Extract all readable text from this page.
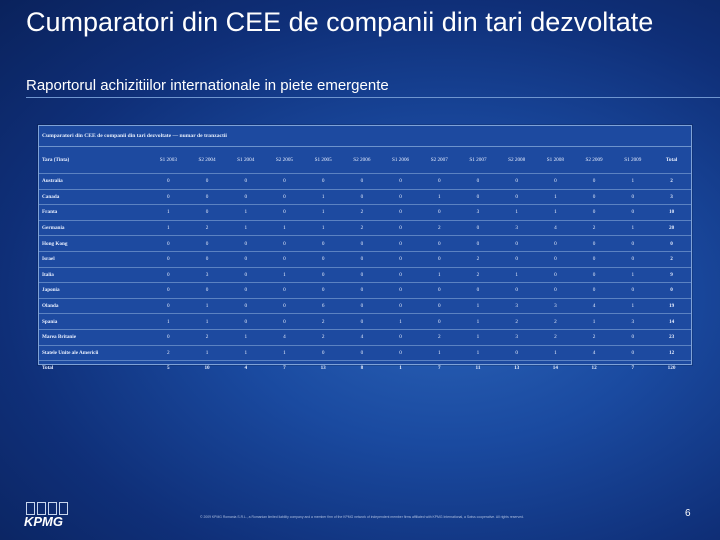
Cumparatori din CEE de companii din tari dezvoltate
Raportorul achizitiilor internationale in piete emergente
Cumparatori din CEE de companii din tari dezvoltate — numar de tranzactii
Tara (Tinta)	S1 2003	S2 2004	S1 2004	S2 2005	S1 2005	S2 2006	S1 2006	S2 2007	S1 2007	S2 2008	S1 2008	S2 2009	S1 2009	Total
Australia	0	0	0	0	0	0	0	0	0	0	0	0	1	2
Canada	0	0	0	0	1	0	0	1	0	0	1	0	0	3
Franta	1	0	1	0	1	2	0	0	3	1	1	0	0	10
Germania	1	2	1	1	1	2	0	2	0	3	4	2	1	20
Hong Kong	0	0	0	0	0	0	0	0	0	0	0	0	0	0
Israel	0	0	0	0	0	0	0	0	2	0	0	0	0	2
Italia	0	3	0	1	0	0	0	1	2	1	0	0	1	9
Japonia	0	0	0	0	0	0	0	0	0	0	0	0	0	0
Olanda	0	1	0	0	6	0	0	0	1	3	3	4	1	19
Spania	1	1	0	0	2	0	1	0	1	2	2	1	3	14
Marea Britanie	0	2	1	4	2	4	0	2	1	3	2	2	0	23
Statele Unite ale Americii	2	1	1	1	0	0	0	1	1	0	1	4	0	12
Total	5	10	4	7	13	8	1	7	11	13	14	12	7	120
KPMG	© 2009 KPMG Romania S.R.L., a Romanian limited liability company and a member firm of the KPMG network of independent member firms affiliated with KPMG International, a Swiss cooperative. All rights reserved.	6
